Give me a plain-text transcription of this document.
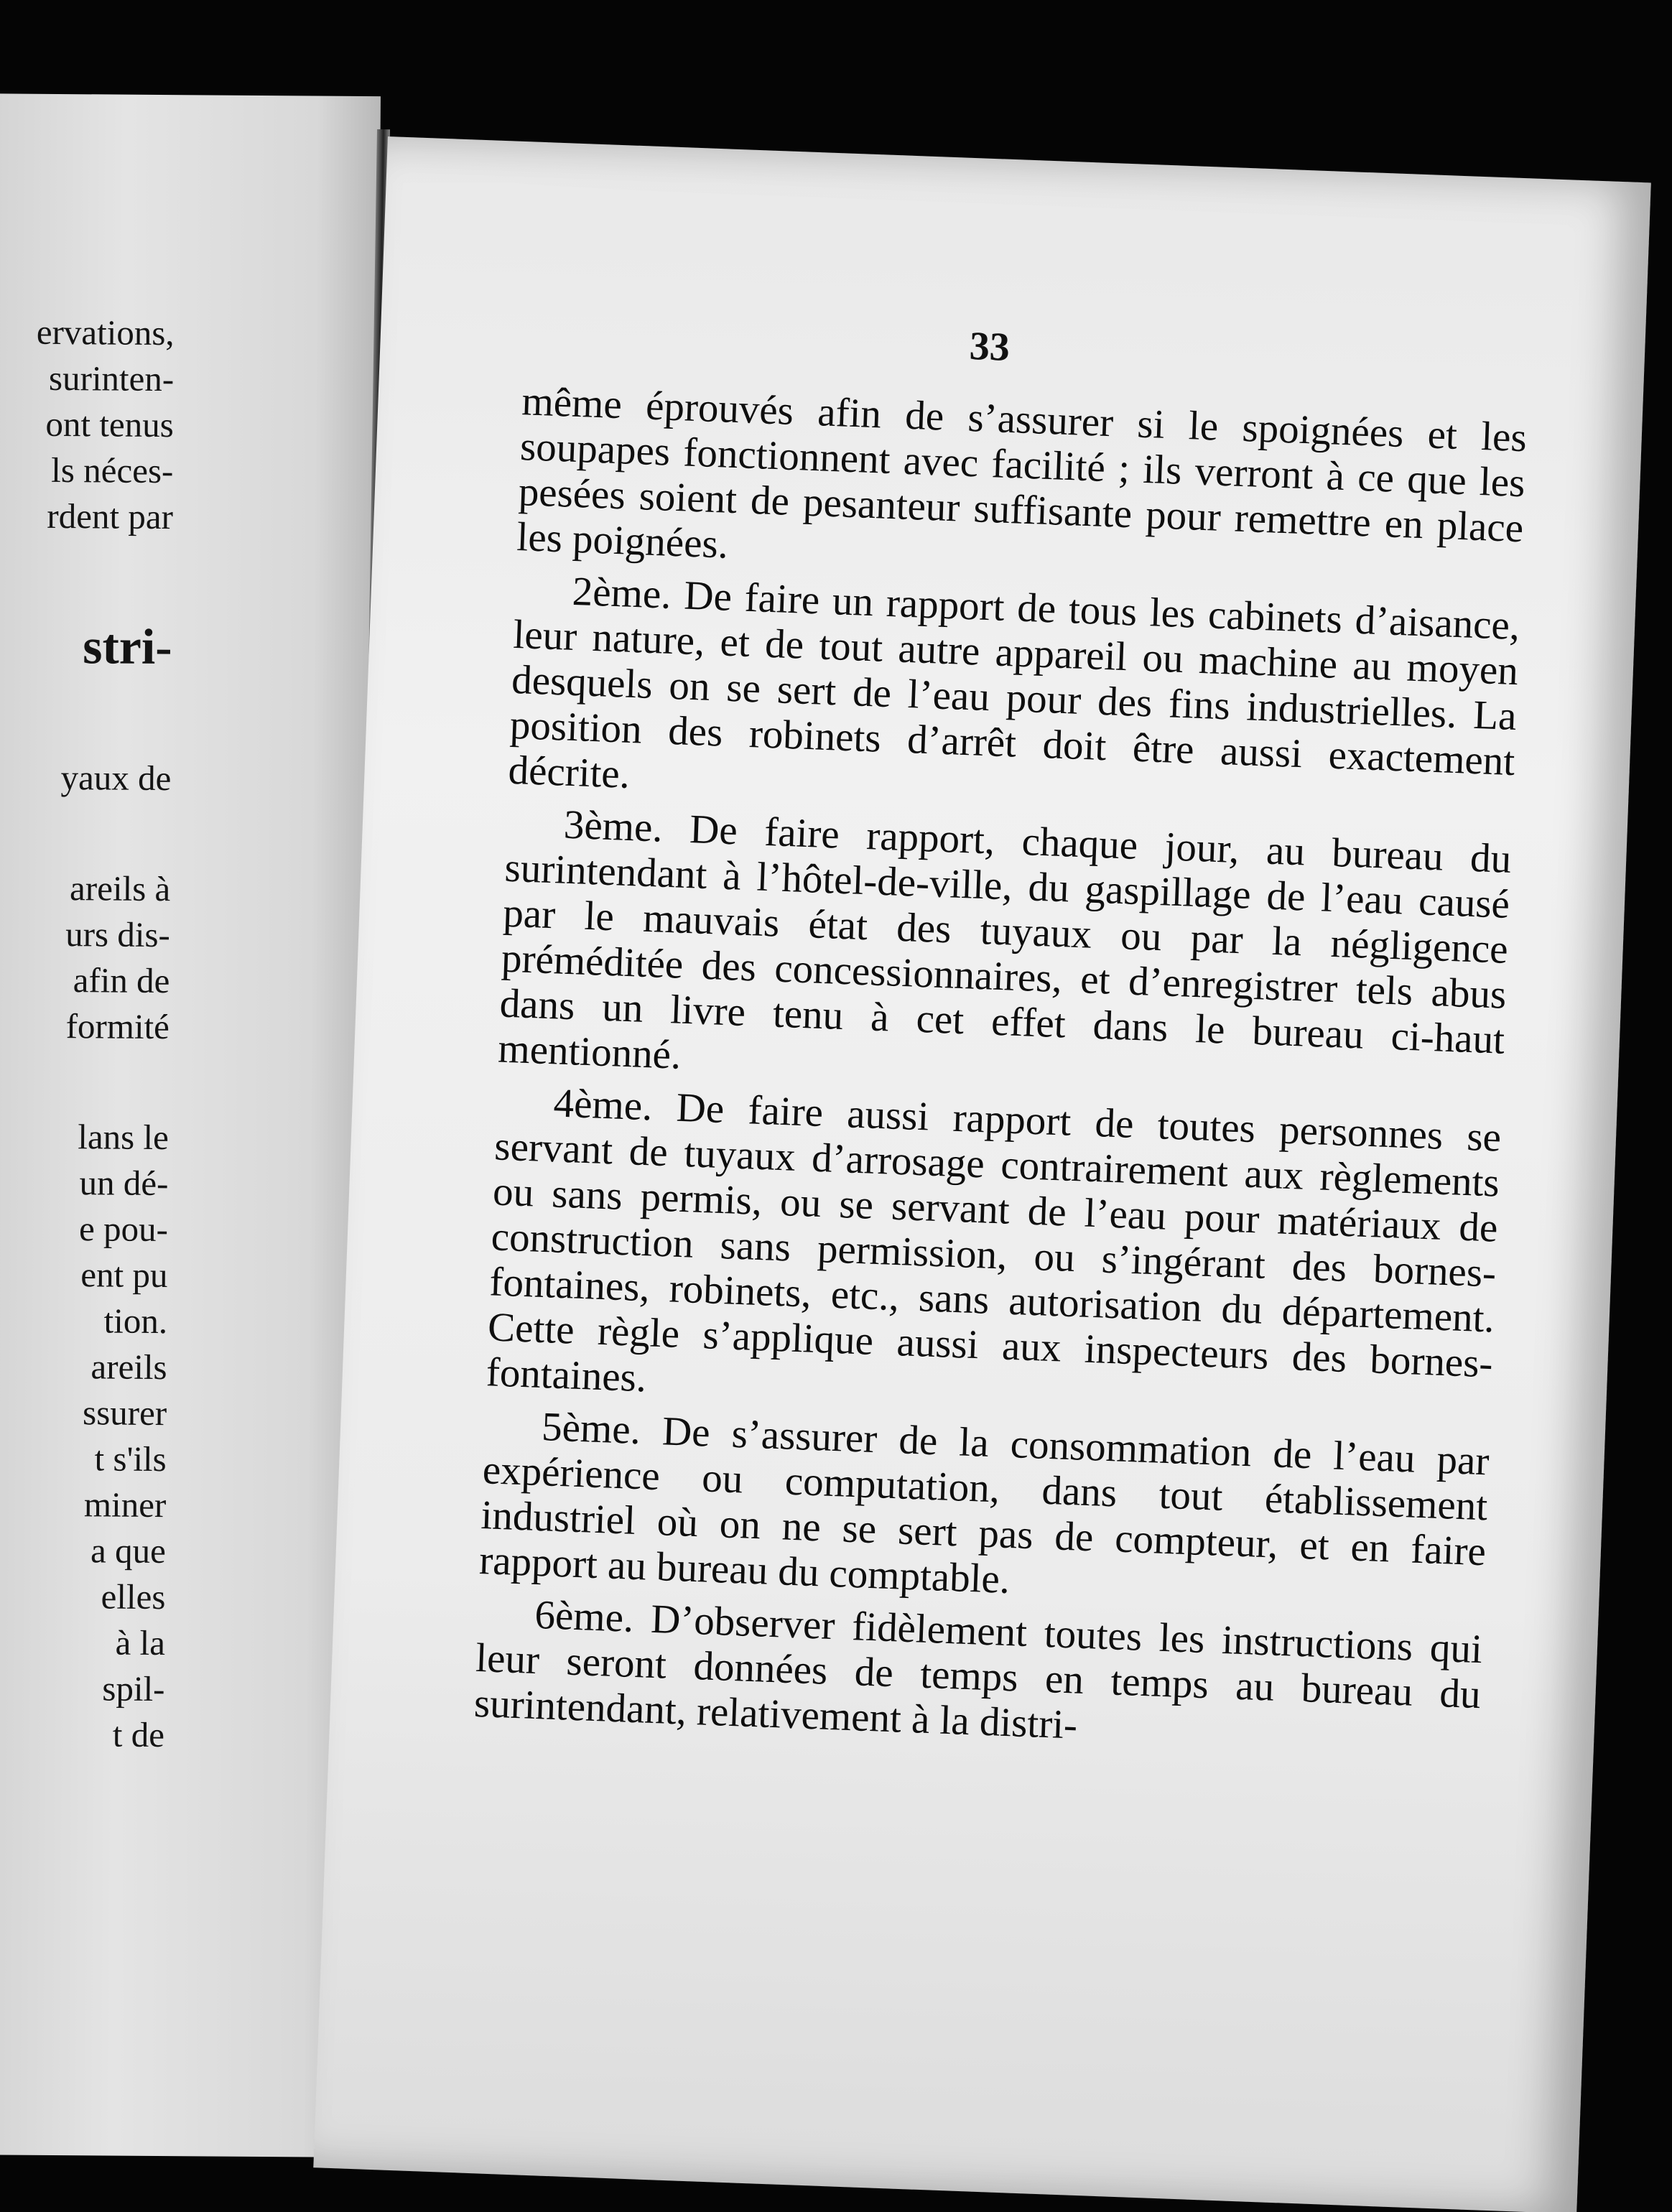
ervations,
surinten-
ont tenus
ls néces-
rdent par
stri-
yaux de
areils à
urs dis-
afin de
formité
lans le
un dé-
e pou-
ent pu
tion.
areils
ssurer
t s'ils
miner
a que
elles
à la
spil-
t de
33

même éprouvés afin de s’assurer si le spoignées et les soupapes fonctionnent avec facilité ; ils verront à ce que les pesées soient de pesanteur suffisante pour remettre en place les poignées.

2ème. De faire un rapport de tous les cabinets d’aisance, leur nature, et de tout autre appareil ou machine au moyen desquels on se sert de l’eau pour des fins industrielles. La position des robinets d’arrêt doit être aussi exactement décrite.

3ème. De faire rapport, chaque jour, au bureau du surintendant à l’hôtel-de-ville, du gaspillage de l’eau causé par le mauvais état des tuyaux ou par la négligence préméditée des concessionnaires, et d’enregistrer tels abus dans un livre tenu à cet effet dans le bureau ci-haut mentionné.

4ème. De faire aussi rapport de toutes personnes se servant de tuyaux d’arrosage contrairement aux règlements ou sans permis, ou se servant de l’eau pour matériaux de construction sans permission, ou s’ingérant des bornes-fontaines, robinets, etc., sans autorisation du département. Cette règle s’applique aussi aux inspecteurs des bornes-fontaines.

5ème. De s’assurer de la consommation de l’eau par expérience ou computation, dans tout établissement industriel où on ne se sert pas de compteur, et en faire rapport au bureau du comptable.

6ème. D’observer fidèlement toutes les instructions qui leur seront données de temps en temps au bureau du surintendant, relativement à la distri-
